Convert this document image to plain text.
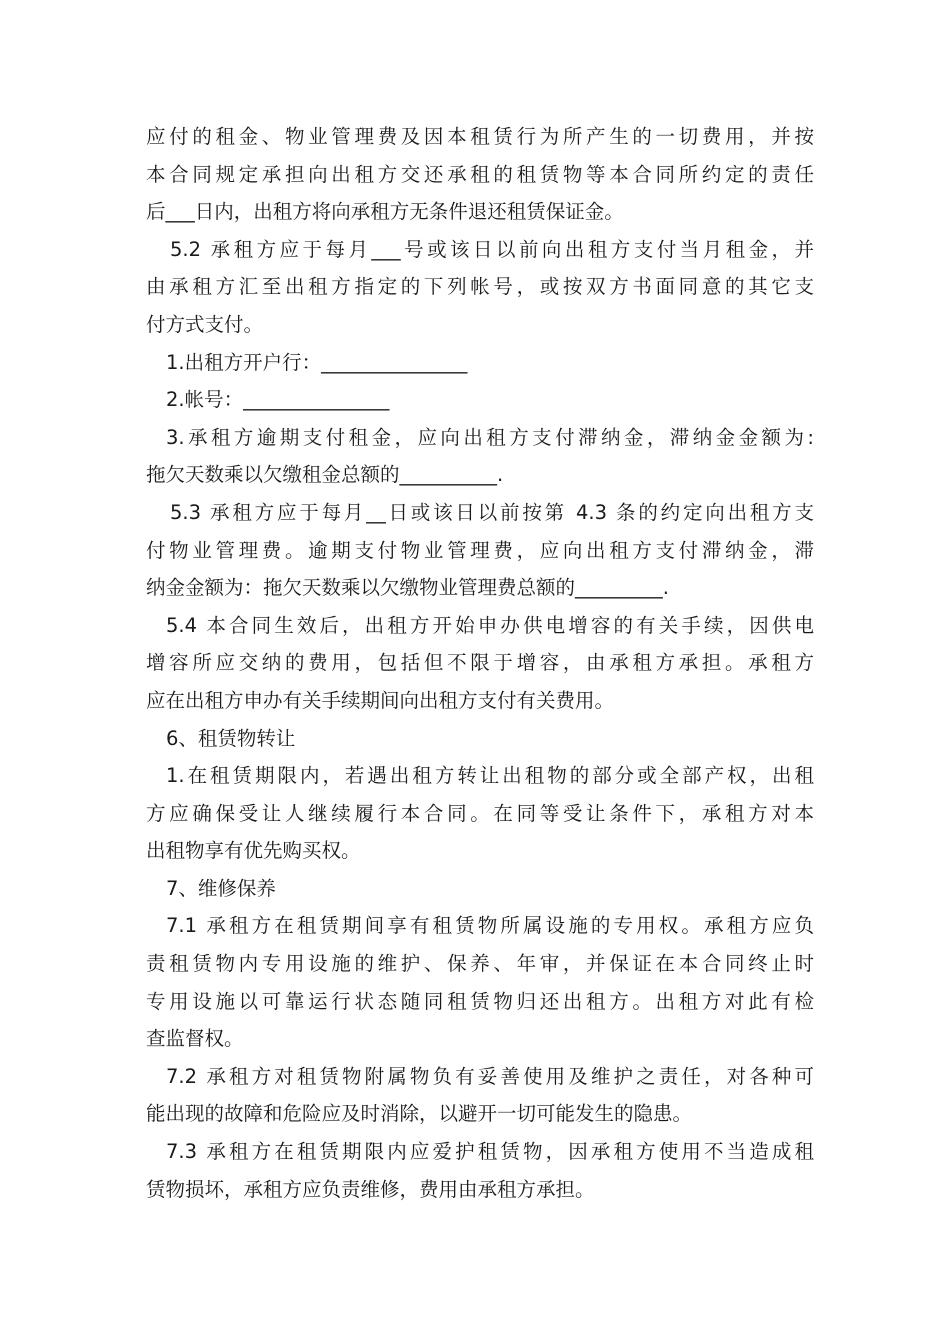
应付的租金、物业管理费及因本租赁行为所产生的一切费用，并按
本合同规定承担向出租方交还承租的租赁物等本合同所约定的责任
后___日内，出租方将向承租方无条件退还租赁保证金。
5.2 承租方应于每月___号或该日以前向出租方支付当月租金，并
由承租方汇至出租方指定的下列帐号，或按双方书面同意的其它支
付方式支付。
1.出租方开户行：_______________
2.帐号：_______________
3.承租方逾期支付租金，应向出租方支付滞纳金，滞纳金金额为:
拖欠天数乘以欠缴租金总额的__________.
5.3 承租方应于每月__日或该日以前按第 4.3 条的约定向出租方支
付物业管理费。逾期支付物业管理费，应向出租方支付滞纳金，滞
纳金金额为：拖欠天数乘以欠缴物业管理费总额的_________.
5.4 本合同生效后，出租方开始申办供电增容的有关手续，因供电
增容所应交纳的费用，包括但不限于增容，由承租方承担。承租方
应在出租方申办有关手续期间向出租方支付有关费用。
6、租赁物转让
1.在租赁期限内，若遇出租方转让出租物的部分或全部产权，出租
方应确保受让人继续履行本合同。在同等受让条件下，承租方对本
出租物享有优先购买权。
7、维修保养
7.1 承租方在租赁期间享有租赁物所属设施的专用权。承租方应负
责租赁物内专用设施的维护、保养、年审，并保证在本合同终止时
专用设施以可靠运行状态随同租赁物归还出租方。出租方对此有检
查监督权。
7.2 承租方对租赁物附属物负有妥善使用及维护之责任，对各种可
能出现的故障和危险应及时消除，以避开一切可能发生的隐患。
7.3 承租方在租赁期限内应爱护租赁物，因承租方使用不当造成租
赁物损坏，承租方应负责维修，费用由承租方承担。
